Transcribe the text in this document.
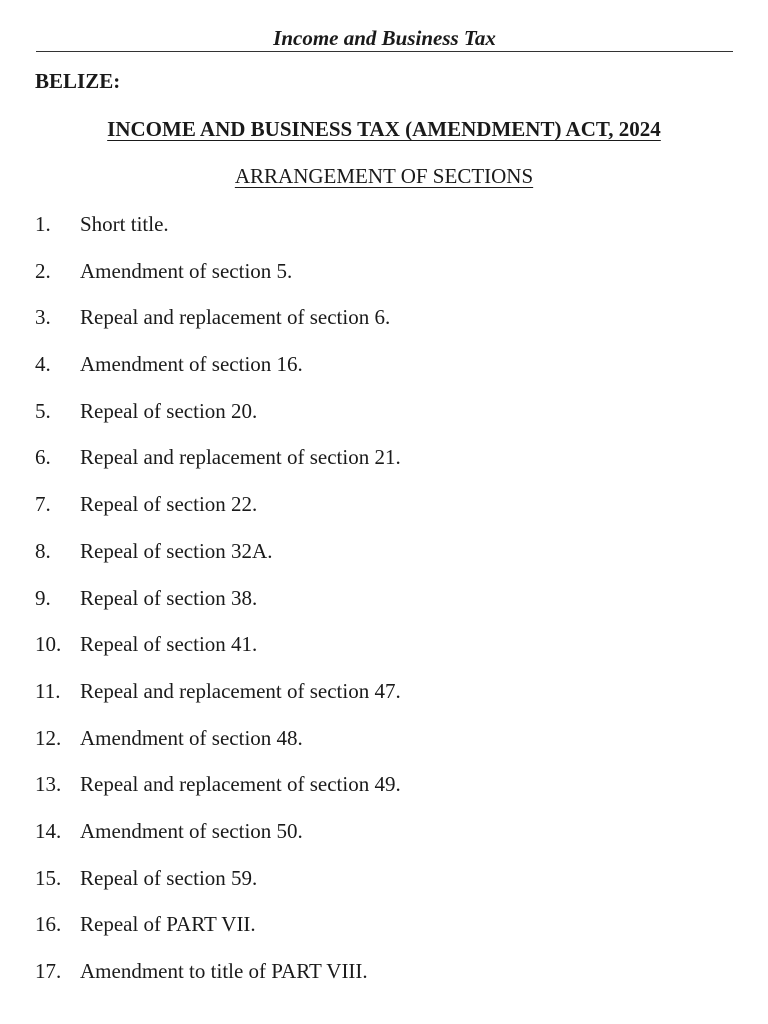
Income and Business Tax
BELIZE:
INCOME AND BUSINESS TAX (AMENDMENT) ACT, 2024
ARRANGEMENT OF SECTIONS
1. Short title.
2. Amendment of section 5.
3. Repeal and replacement of section 6.
4. Amendment of section 16.
5. Repeal of section 20.
6. Repeal and replacement of section 21.
7. Repeal of section 22.
8. Repeal of section 32A.
9. Repeal of section 38.
10. Repeal of section 41.
11. Repeal and replacement of section 47.
12. Amendment of section 48.
13. Repeal and replacement of section 49.
14. Amendment of section 50.
15. Repeal of section 59.
16. Repeal of PART VII.
17. Amendment to title of PART VIII.
